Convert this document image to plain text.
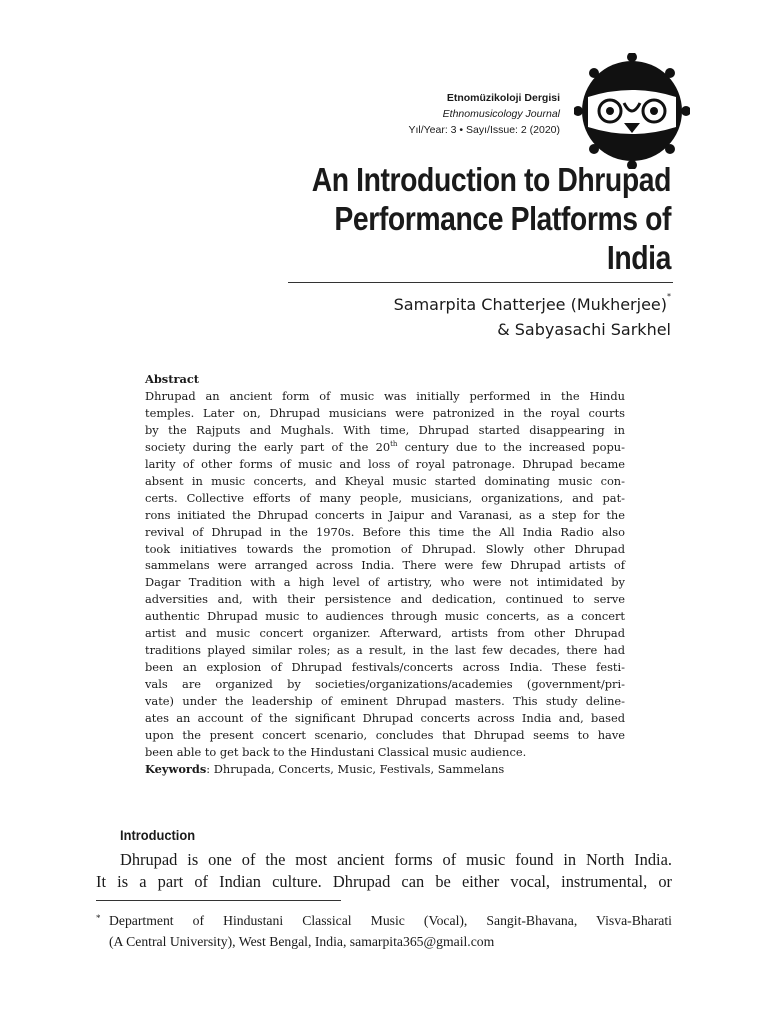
Etnomüzikoloji Dergisi
Ethnomusicology Journal
Yıl/Year: 3 • Sayı/Issue: 2 (2020)
An Introduction to Dhrupad
Performance Platforms of
India
Samarpita Chatterjee (Mukherjee)*
& Sabyasachi Sarkhel
Abstract
Dhrupad an ancient form of music was initially performed in the Hindu
temples. Later on, Dhrupad musicians were patronized in the royal courts
by the Rajputs and Mughals. With time, Dhrupad started disappearing in
society during the early part of the 20th century due to the increased popu-
larity of other forms of music and loss of royal patronage. Dhrupad became
absent in music concerts, and Kheyal music started dominating music con-
certs. Collective efforts of many people, musicians, organizations, and pat-
rons initiated the Dhrupad concerts in Jaipur and Varanasi, as a step for the
revival of Dhrupad in the 1970s. Before this time the All India Radio also
took initiatives towards the promotion of Dhrupad. Slowly other Dhrupad
sammelans were arranged across India. There were few Dhrupad artists of
Dagar Tradition with a high level of artistry, who were not intimidated by
adversities and, with their persistence and dedication, continued to serve
authentic Dhrupad music to audiences through music concerts, as a concert
artist and music concert organizer. Afterward, artists from other Dhrupad
traditions played similar roles; as a result, in the last few decades, there had
been an explosion of Dhrupad festivals/concerts across India. These festi-
vals are organized by societies/organizations/academies (government/pri-
vate) under the leadership of eminent Dhrupad masters. This study deline-
ates an account of the significant Dhrupad concerts across India and, based
upon the present concert scenario, concludes that Dhrupad seems to have
been able to get back to the Hindustani Classical music audience.
Keywords: Dhrupada, Concerts, Music, Festivals, Sammelans
Introduction
Dhrupad is one of the most ancient forms of music found in North India.
It is a part of Indian culture. Dhrupad can be either vocal, instrumental, or
* Department of Hindustani Classical Music (Vocal), Sangit-Bhavana, Visva-Bharati
(A Central University), West Bengal, India, samarpita365@gmail.com
